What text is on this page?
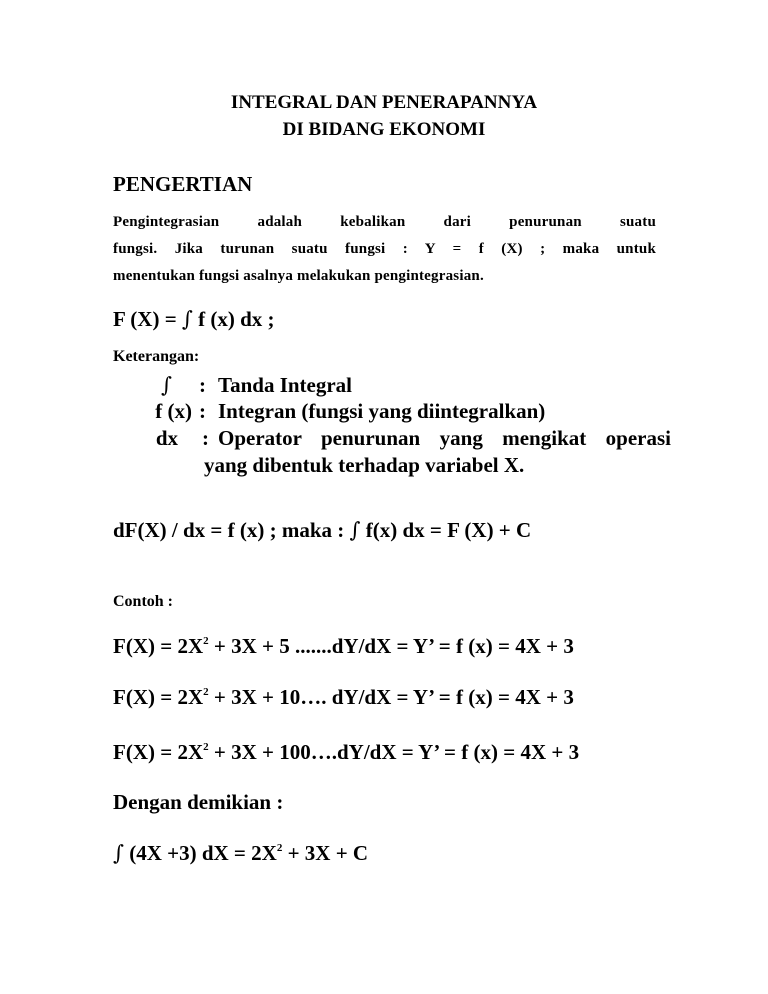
INTEGRAL DAN PENERAPANNYA
DI BIDANG EKONOMI
PENGERTIAN
Pengintegrasian adalah kebalikan dari penurunan suatu
fungsi. Jika turunan suatu fungsi : Y = f (X) ; maka untuk
menentukan fungsi asalnya melakukan pengintegrasian.
F (X) = ∫ f (x) dx ;
Keterangan:
∫ : Tanda Integral
f (x) : Integran (fungsi yang diintegralkan)
dx : Operator penurunan yang mengikat operasi
yang dibentuk terhadap variabel X.
dF(X) / dx = f (x) ; maka : ∫ f(x) dx = F (X) + C
Contoh :
$F(X) = 2X^2 + 3X + 5$ .......dY/dX = Y’ = f (x) = 4X + 3
$F(X) = 2X^2 + 3X$ + 10…. dY/dX = Y’ = f (x) = 4X + 3
$F(X) = 2X^2 + 3X$ + 100….dY/dX = Y’ = f (x) = 4X + 3
Dengan demikian :
∫ (4X +3) dX = $2X^2 + 3X + C$
